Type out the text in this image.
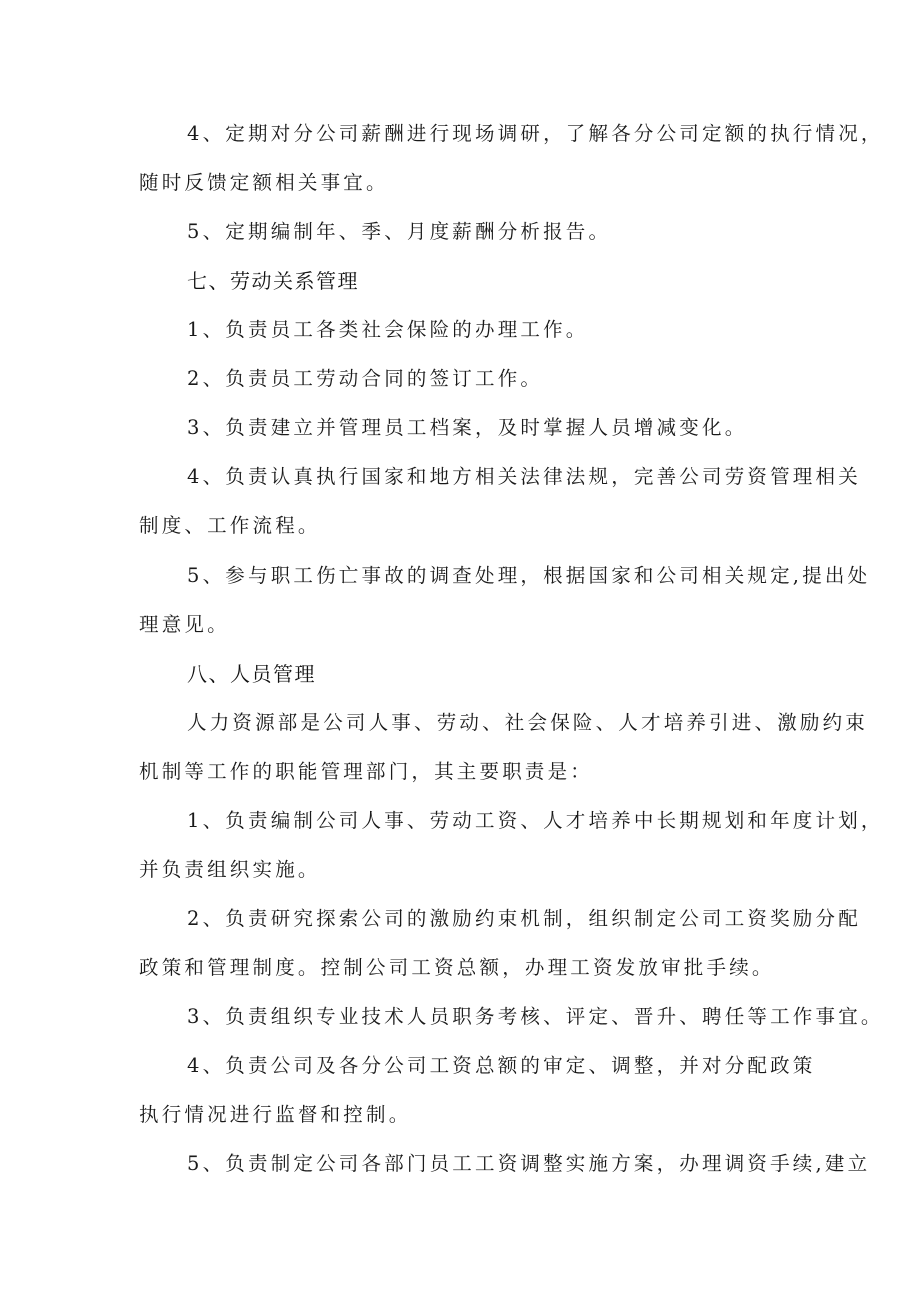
4、定期对分公司薪酬进行现场调研，了解各分公司定额的执行情况，
随时反馈定额相关事宜。
5、定期编制年、季、月度薪酬分析报告。
七、劳动关系管理
1、负责员工各类社会保险的办理工作。
2、负责员工劳动合同的签订工作。
3、负责建立并管理员工档案，及时掌握人员增减变化。
4、负责认真执行国家和地方相关法律法规，完善公司劳资管理相关
制度、工作流程。
5、参与职工伤亡事故的调查处理，根据国家和公司相关规定,提出处
理意见。
八、人员管理
人力资源部是公司人事、劳动、社会保险、人才培养引进、激励约束
机制等工作的职能管理部门，其主要职责是：
1、负责编制公司人事、劳动工资、人才培养中长期规划和年度计划，
并负责组织实施。
2、负责研究探索公司的激励约束机制，组织制定公司工资奖励分配
政策和管理制度。控制公司工资总额，办理工资发放审批手续。
3、负责组织专业技术人员职务考核、评定、晋升、聘任等工作事宜。
4、负责公司及各分公司工资总额的审定、调整，并对分配政策
执行情况进行监督和控制。
5、负责制定公司各部门员工工资调整实施方案，办理调资手续,建立
